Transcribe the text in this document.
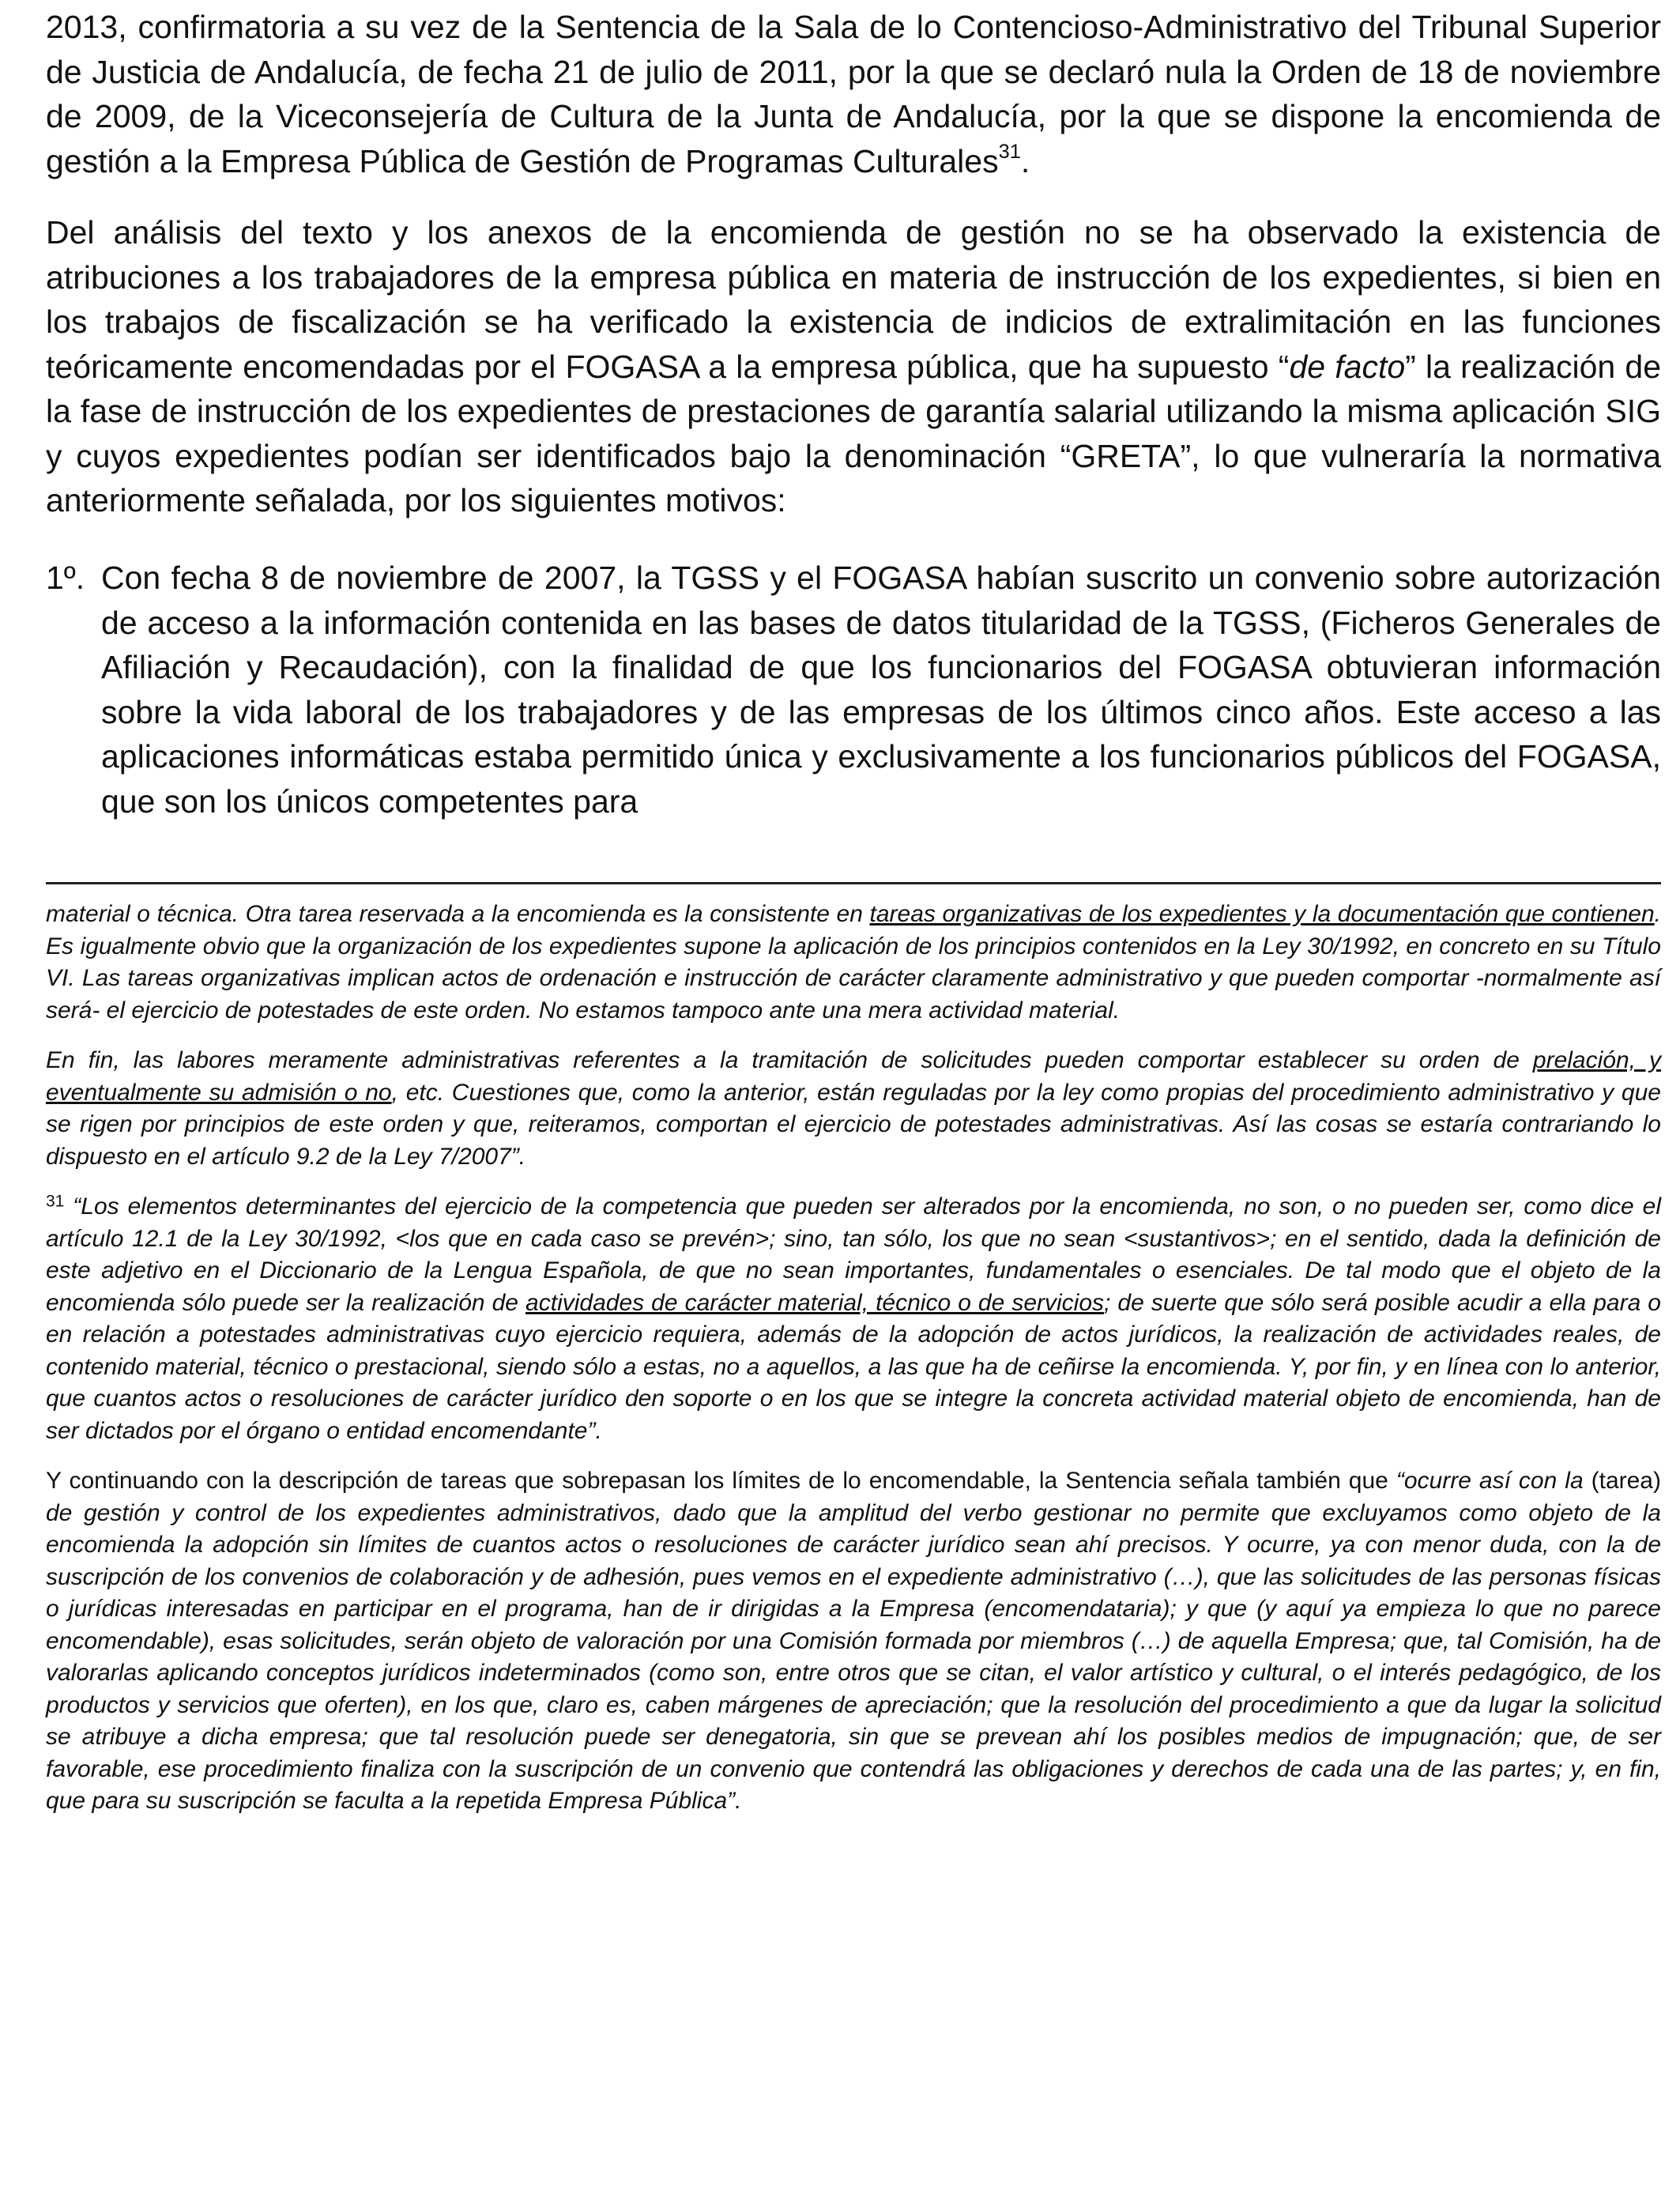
2013, confirmatoria a su vez de la Sentencia de la Sala de lo Contencioso-Administrativo del Tribunal Superior de Justicia de Andalucía, de fecha 21 de julio de 2011, por la que se declaró nula la Orden de 18 de noviembre de 2009, de la Viceconsejería de Cultura de la Junta de Andalucía, por la que se dispone la encomienda de gestión a la Empresa Pública de Gestión de Programas Culturales$^{31}$.

Del análisis del texto y los anexos de la encomienda de gestión no se ha observado la existencia de atribuciones a los trabajadores de la empresa pública en materia de instrucción de los expedientes, si bien en los trabajos de fiscalización se ha verificado la existencia de indicios de extralimitación en las funciones teóricamente encomendadas por el FOGASA a la empresa pública, que ha supuesto “de facto” la realización de la fase de instrucción de los expedientes de prestaciones de garantía salarial utilizando la misma aplicación SIG y cuyos expedientes podían ser identificados bajo la denominación “GRETA”, lo que vulneraría la normativa anteriormente señalada, por los siguientes motivos:

1º. Con fecha 8 de noviembre de 2007, la TGSS y el FOGASA habían suscrito un convenio sobre autorización de acceso a la información contenida en las bases de datos titularidad de la TGSS, (Ficheros Generales de Afiliación y Recaudación), con la finalidad de que los funcionarios del FOGASA obtuvieran información sobre la vida laboral de los trabajadores y de las empresas de los últimos cinco años. Este acceso a las aplicaciones informáticas estaba permitido única y exclusivamente a los funcionarios públicos del FOGASA, que son los únicos competentes para

material o técnica. Otra tarea reservada a la encomienda es la consistente en tareas organizativas de los expedientes y la documentación que contienen. Es igualmente obvio que la organización de los expedientes supone la aplicación de los principios contenidos en la Ley 30/1992, en concreto en su Título VI. Las tareas organizativas implican actos de ordenación e instrucción de carácter claramente administrativo y que pueden comportar -normalmente así será- el ejercicio de potestades de este orden. No estamos tampoco ante una mera actividad material.

En fin, las labores meramente administrativas referentes a la tramitación de solicitudes pueden comportar establecer su orden de prelación, y eventualmente su admisión o no, etc. Cuestiones que, como la anterior, están reguladas por la ley como propias del procedimiento administrativo y que se rigen por principios de este orden y que, reiteramos, comportan el ejercicio de potestades administrativas. Así las cosas se estaría contrariando lo dispuesto en el artículo 9.2 de la Ley 7/2007”.

$^{31}$ “Los elementos determinantes del ejercicio de la competencia que pueden ser alterados por la encomienda, no son, o no pueden ser, como dice el artículo 12.1 de la Ley 30/1992, <los que en cada caso se prevén>; sino, tan sólo, los que no sean <sustantivos>; en el sentido, dada la definición de este adjetivo en el Diccionario de la Lengua Española, de que no sean importantes, fundamentales o esenciales. De tal modo que el objeto de la encomienda sólo puede ser la realización de actividades de carácter material, técnico o de servicios; de suerte que sólo será posible acudir a ella para o en relación a potestades administrativas cuyo ejercicio requiera, además de la adopción de actos jurídicos, la realización de actividades reales, de contenido material, técnico o prestacional, siendo sólo a estas, no a aquellos, a las que ha de ceñirse la encomienda. Y, por fin, y en línea con lo anterior, que cuantos actos o resoluciones de carácter jurídico den soporte o en los que se integre la concreta actividad material objeto de encomienda, han de ser dictados por el órgano o entidad encomendante”.

Y continuando con la descripción de tareas que sobrepasan los límites de lo encomendable, la Sentencia señala también que “ocurre así con la (tarea) de gestión y control de los expedientes administrativos, dado que la amplitud del verbo gestionar no permite que excluyamos como objeto de la encomienda la adopción sin límites de cuantos actos o resoluciones de carácter jurídico sean ahí precisos. Y ocurre, ya con menor duda, con la de suscripción de los convenios de colaboración y de adhesión, pues vemos en el expediente administrativo (…), que las solicitudes de las personas físicas o jurídicas interesadas en participar en el programa, han de ir dirigidas a la Empresa (encomendataria); y que (y aquí ya empieza lo que no parece encomendable), esas solicitudes, serán objeto de valoración por una Comisión formada por miembros (…) de aquella Empresa; que, tal Comisión, ha de valorarlas aplicando conceptos jurídicos indeterminados (como son, entre otros que se citan, el valor artístico y cultural, o el interés pedagógico, de los productos y servicios que oferten), en los que, claro es, caben márgenes de apreciación; que la resolución del procedimiento a que da lugar la solicitud se atribuye a dicha empresa; que tal resolución puede ser denegatoria, sin que se prevean ahí los posibles medios de impugnación; que, de ser favorable, ese procedimiento finaliza con la suscripción de un convenio que contendrá las obligaciones y derechos de cada una de las partes; y, en fin, que para su suscripción se faculta a la repetida Empresa Pública”.
